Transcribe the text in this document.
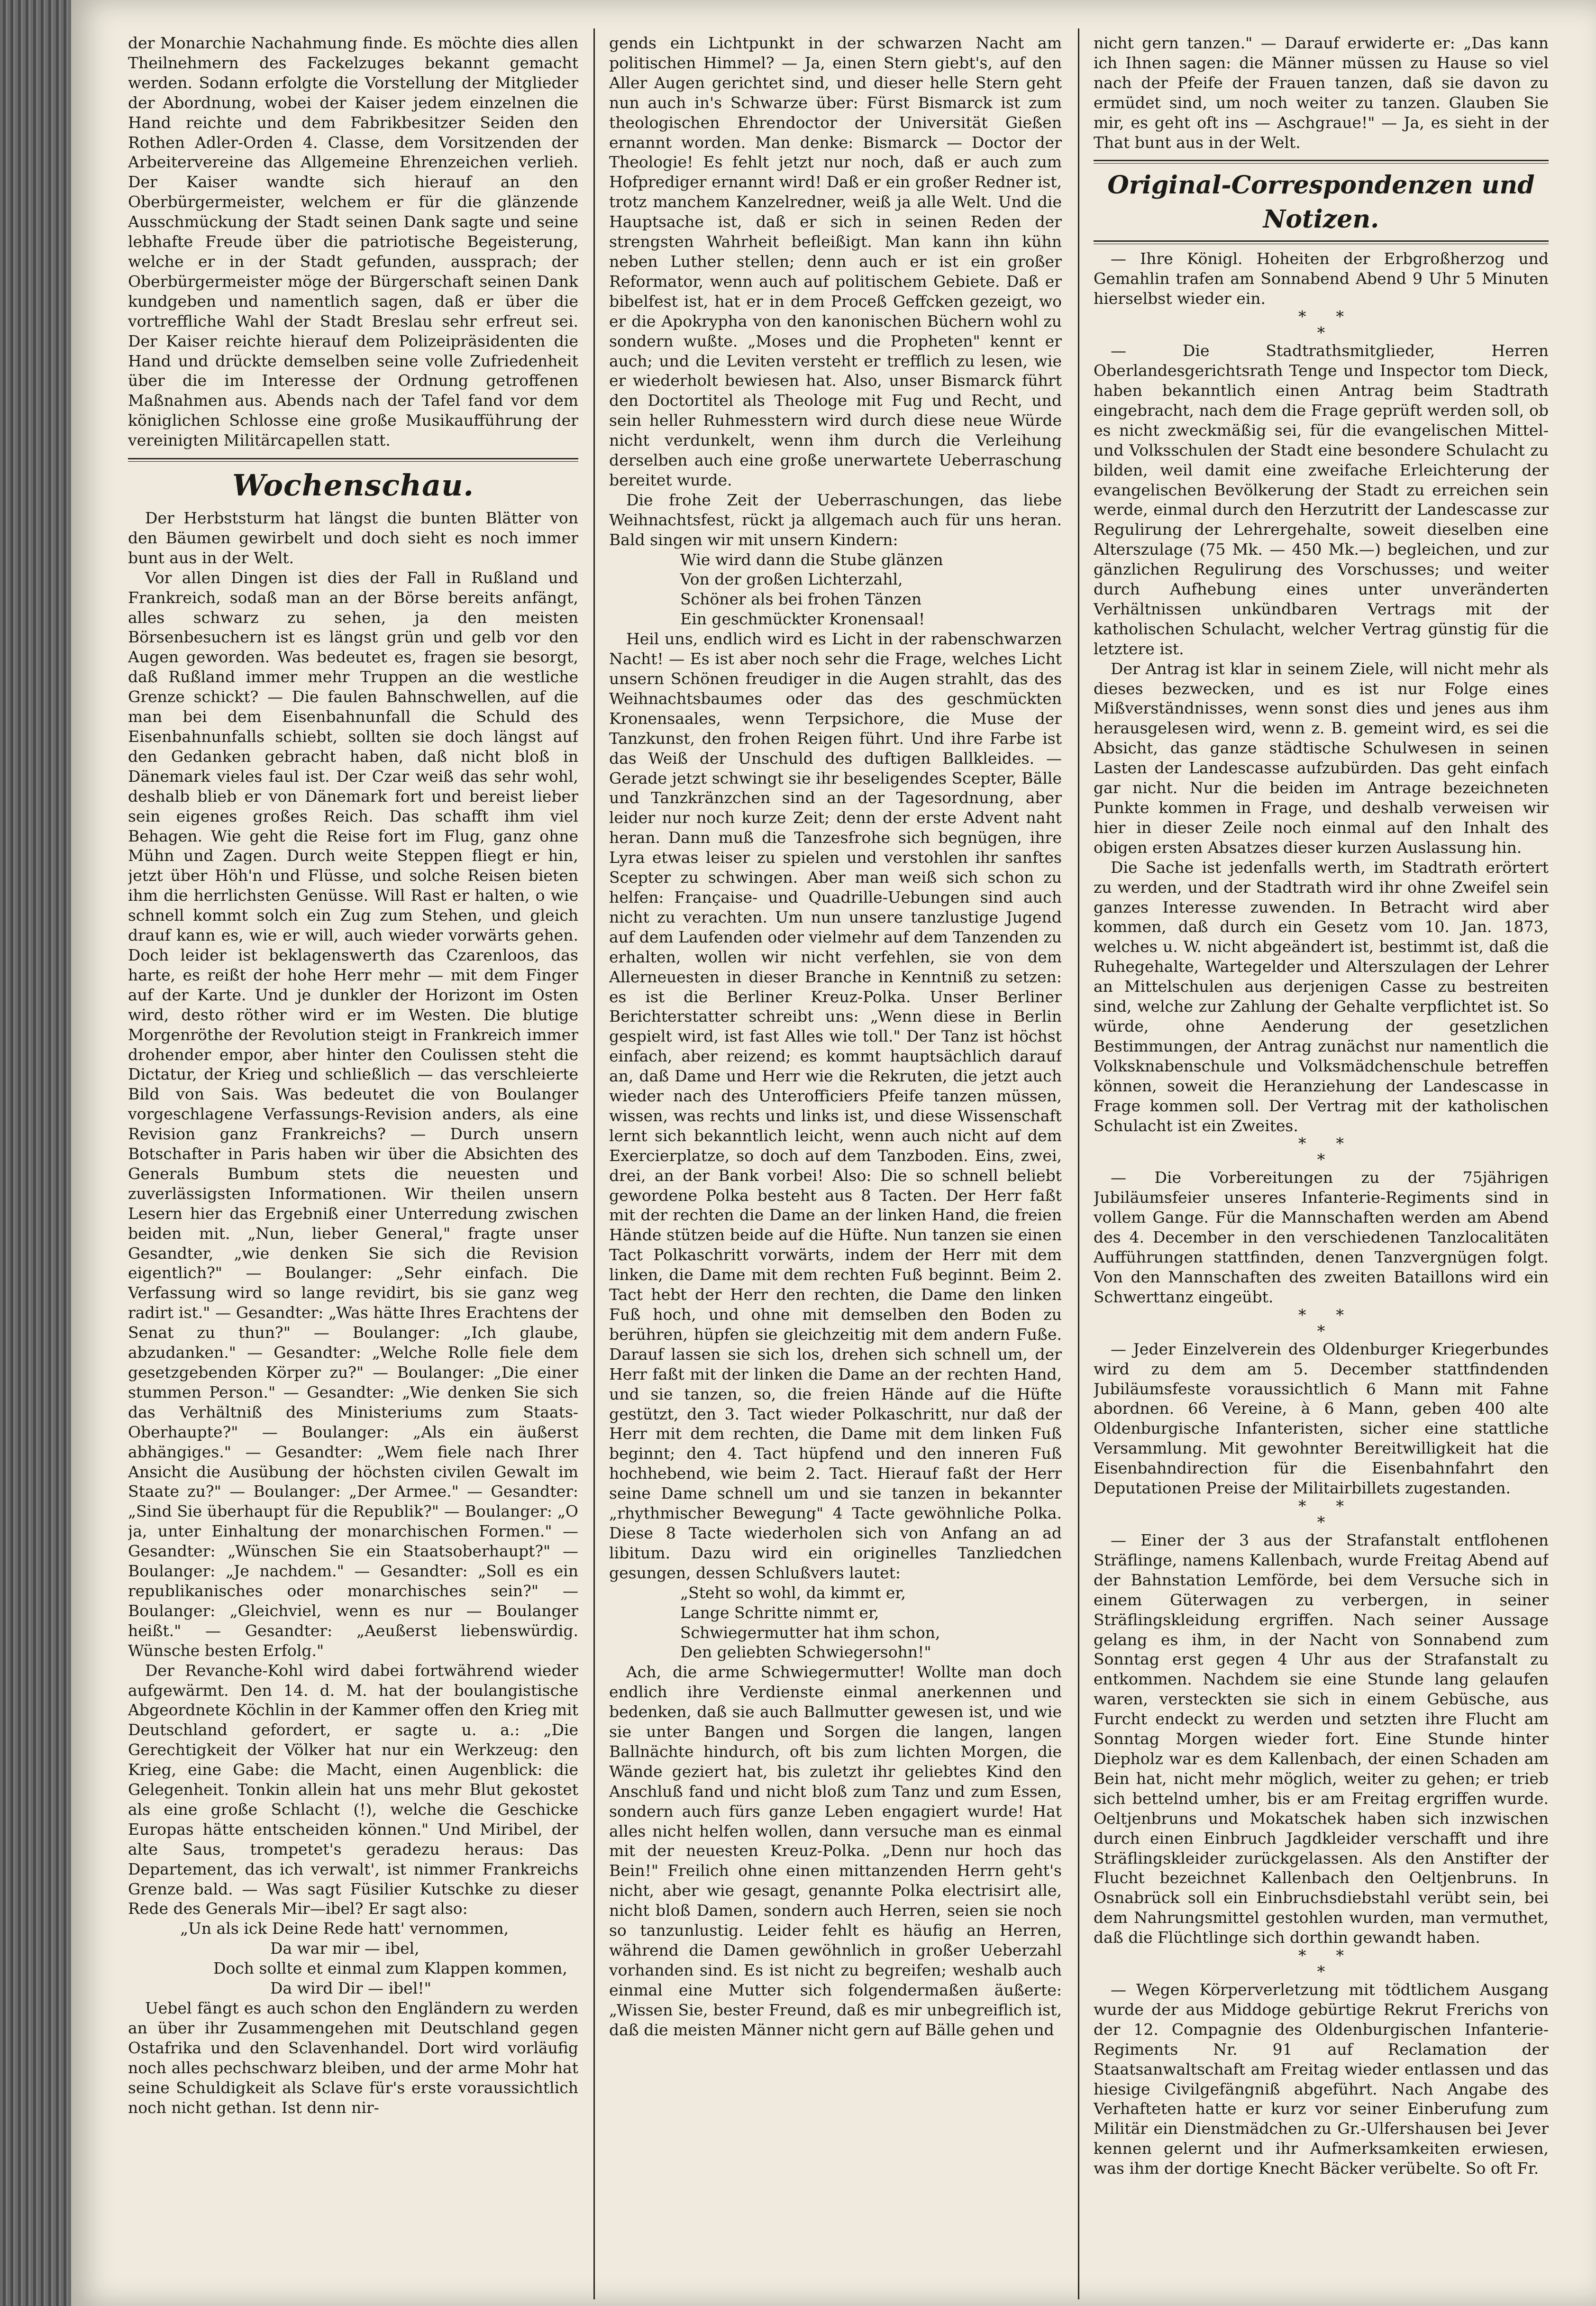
der Monarchie Nachahmung finde. Es möchte dies allen Theilnehmern des Fackelzuges bekannt gemacht werden. Sodann erfolgte die Vorstellung der Mitglieder der Abordnung, wobei der Kaiser jedem einzelnen die Hand reichte und dem Fabrikbesitzer Seiden den Rothen Adler-Orden 4. Classe, dem Vorsitzenden der Arbeitervereine das Allgemeine Ehrenzeichen verlieh. Der Kaiser wandte sich hierauf an den Oberbürgermeister, welchem er für die glänzende Ausschmückung der Stadt seinen Dank sagte und seine lebhafte Freude über die patriotische Begeisterung, welche er in der Stadt gefunden, aussprach; der Oberbürgermeister möge der Bürgerschaft seinen Dank kundgeben und namentlich sagen, daß er über die vortreffliche Wahl der Stadt Breslau sehr erfreut sei. Der Kaiser reichte hierauf dem Polizeipräsidenten die Hand und drückte demselben seine volle Zufriedenheit über die im Interesse der Ordnung getroffenen Maßnahmen aus. Abends nach der Tafel fand vor dem königlichen Schlosse eine große Musikaufführung der vereinigten Militärcapellen statt.

Wochenschau.

Der Herbststurm hat längst die bunten Blätter von den Bäumen gewirbelt und doch sieht es noch immer bunt aus in der Welt.

Vor allen Dingen ist dies der Fall in Rußland und Frankreich, sodaß man an der Börse bereits anfängt, alles schwarz zu sehen, ja den meisten Börsenbesuchern ist es längst grün und gelb vor den Augen geworden. Was bedeutet es, fragen sie besorgt, daß Rußland immer mehr Truppen an die westliche Grenze schickt? — Die faulen Bahnschwellen, auf die man bei dem Eisenbahnunfall die Schuld des Eisenbahnunfalls schiebt, sollten sie doch längst auf den Gedanken gebracht haben, daß nicht bloß in Dänemark vieles faul ist. Der Czar weiß das sehr wohl, deshalb blieb er von Dänemark fort und bereist lieber sein eigenes großes Reich. Das schafft ihm viel Behagen. Wie geht die Reise fort im Flug, ganz ohne Mühn und Zagen. Durch weite Steppen fliegt er hin, jetzt über Höh'n und Flüsse, und solche Reisen bieten ihm die herrlichsten Genüsse. Will Rast er halten, o wie schnell kommt solch ein Zug zum Stehen, und gleich drauf kann es, wie er will, auch wieder vorwärts gehen. Doch leider ist beklagenswerth das Czarenloos, das harte, es reißt der hohe Herr mehr — mit dem Finger auf der Karte. Und je dunkler der Horizont im Osten wird, desto röther wird er im Westen. Die blutige Morgenröthe der Revolution steigt in Frankreich immer drohender empor, aber hinter den Coulissen steht die Dictatur, der Krieg und schließlich — das verschleierte Bild von Sais. Was bedeutet die von Boulanger vorgeschlagene Verfassungs-Revision anders, als eine Revision ganz Frankreichs? — Durch unsern Botschafter in Paris haben wir über die Absichten des Generals Bumbum stets die neuesten und zuverlässigsten Informationen. Wir theilen unsern Lesern hier das Ergebniß einer Unterredung zwischen beiden mit. „Nun, lieber General," fragte unser Gesandter, „wie denken Sie sich die Revision eigentlich?" — Boulanger: „Sehr einfach. Die Verfassung wird so lange revidirt, bis sie ganz weg radirt ist." — Gesandter: „Was hätte Ihres Erachtens der Senat zu thun?" — Boulanger: „Ich glaube, abzudanken." — Gesandter: „Welche Rolle fiele dem gesetzgebenden Körper zu?" — Boulanger: „Die einer stummen Person." — Gesandter: „Wie denken Sie sich das Verhältniß des Ministeriums zum Staats-Oberhaupte?" — Boulanger: „Als ein äußerst abhängiges." — Gesandter: „Wem fiele nach Ihrer Ansicht die Ausübung der höchsten civilen Gewalt im Staate zu?" — Boulanger: „Der Armee." — Gesandter: „Sind Sie überhaupt für die Republik?" — Boulanger: „O ja, unter Einhaltung der monarchischen Formen." — Gesandter: „Wünschen Sie ein Staatsoberhaupt?" — Boulanger: „Je nachdem." — Gesandter: „Soll es ein republikanisches oder monarchisches sein?" — Boulanger: „Gleichviel, wenn es nur — Boulanger heißt." — Gesandter: „Aeußerst liebenswürdig. Wünsche besten Erfolg."

Der Revanche-Kohl wird dabei fortwährend wieder aufgewärmt. Den 14. d. M. hat der boulangistische Abgeordnete Köchlin in der Kammer offen den Krieg mit Deutschland gefordert, er sagte u. a.: „Die Gerechtigkeit der Völker hat nur ein Werkzeug: den Krieg, eine Gabe: die Macht, einen Augenblick: die Gelegenheit. Tonkin allein hat uns mehr Blut gekostet als eine große Schlacht (!), welche die Geschicke Europas hätte entscheiden können." Und Miribel, der alte Saus, trompetet's geradezu heraus: Das Departement, das ich verwalt', ist nimmer Frankreichs Grenze bald. — Was sagt Füsilier Kutschke zu dieser Rede des Generals Mir—ibel? Er sagt also:

„Un als ick Deine Rede hatt' vernommen,
Da war mir — ibel,
Doch sollte et einmal zum Klappen kommen,
Da wird Dir — ibel!"

Uebel fängt es auch schon den Engländern zu werden an über ihr Zusammengehen mit Deutschland gegen Ostafrika und den Sclavenhandel. Dort wird vorläufig noch alles pechschwarz bleiben, und der arme Mohr hat seine Schuldigkeit als Sclave für's erste voraussichtlich noch nicht gethan. Ist denn nir-

gends ein Lichtpunkt in der schwarzen Nacht am politischen Himmel? — Ja, einen Stern giebt's, auf den Aller Augen gerichtet sind, und dieser helle Stern geht nun auch in's Schwarze über: Fürst Bismarck ist zum theologischen Ehrendoctor der Universität Gießen ernannt worden. Man denke: Bismarck — Doctor der Theologie! Es fehlt jetzt nur noch, daß er auch zum Hofprediger ernannt wird! Daß er ein großer Redner ist, trotz manchem Kanzelredner, weiß ja alle Welt. Und die Hauptsache ist, daß er sich in seinen Reden der strengsten Wahrheit befleißigt. Man kann ihn kühn neben Luther stellen; denn auch er ist ein großer Reformator, wenn auch auf politischem Gebiete. Daß er bibelfest ist, hat er in dem Proceß Geffcken gezeigt, wo er die Apokrypha von den kanonischen Büchern wohl zu sondern wußte. „Moses und die Propheten" kennt er auch; und die Leviten versteht er trefflich zu lesen, wie er wiederholt bewiesen hat. Also, unser Bismarck führt den Doctortitel als Theologe mit Fug und Recht, und sein heller Ruhmesstern wird durch diese neue Würde nicht verdunkelt, wenn ihm durch die Verleihung derselben auch eine große unerwartete Ueberraschung bereitet wurde.

Die frohe Zeit der Ueberraschungen, das liebe Weihnachtsfest, rückt ja allgemach auch für uns heran. Bald singen wir mit unsern Kindern:

Wie wird dann die Stube glänzen
Von der großen Lichterzahl,
Schöner als bei frohen Tänzen
Ein geschmückter Kronensaal!

Heil uns, endlich wird es Licht in der rabenschwarzen Nacht! — Es ist aber noch sehr die Frage, welches Licht unsern Schönen freudiger in die Augen strahlt, das des Weihnachtsbaumes oder das des geschmückten Kronensaales, wenn Terpsichore, die Muse der Tanzkunst, den frohen Reigen führt. Und ihre Farbe ist das Weiß der Unschuld des duftigen Ballkleides. — Gerade jetzt schwingt sie ihr beseligendes Scepter, Bälle und Tanzkränzchen sind an der Tagesordnung, aber leider nur noch kurze Zeit; denn der erste Advent naht heran. Dann muß die Tanzesfrohe sich begnügen, ihre Lyra etwas leiser zu spielen und verstohlen ihr sanftes Scepter zu schwingen. Aber man weiß sich schon zu helfen: Française- und Quadrille-Uebungen sind auch nicht zu verachten. Um nun unsere tanzlustige Jugend auf dem Laufenden oder vielmehr auf dem Tanzenden zu erhalten, wollen wir nicht verfehlen, sie von dem Allerneuesten in dieser Branche in Kenntniß zu setzen: es ist die Berliner Kreuz-Polka. Unser Berliner Berichterstatter schreibt uns: „Wenn diese in Berlin gespielt wird, ist fast Alles wie toll." Der Tanz ist höchst einfach, aber reizend; es kommt hauptsächlich darauf an, daß Dame und Herr wie die Rekruten, die jetzt auch wieder nach des Unterofficiers Pfeife tanzen müssen, wissen, was rechts und links ist, und diese Wissenschaft lernt sich bekanntlich leicht, wenn auch nicht auf dem Exercierplatze, so doch auf dem Tanzboden. Eins, zwei, drei, an der Bank vorbei! Also: Die so schnell beliebt gewordene Polka besteht aus 8 Tacten. Der Herr faßt mit der rechten die Dame an der linken Hand, die freien Hände stützen beide auf die Hüfte. Nun tanzen sie einen Tact Polkaschritt vorwärts, indem der Herr mit dem linken, die Dame mit dem rechten Fuß beginnt. Beim 2. Tact hebt der Herr den rechten, die Dame den linken Fuß hoch, und ohne mit demselben den Boden zu berühren, hüpfen sie gleichzeitig mit dem andern Fuße. Darauf lassen sie sich los, drehen sich schnell um, der Herr faßt mit der linken die Dame an der rechten Hand, und sie tanzen, so, die freien Hände auf die Hüfte gestützt, den 3. Tact wieder Polkaschritt, nur daß der Herr mit dem rechten, die Dame mit dem linken Fuß beginnt; den 4. Tact hüpfend und den inneren Fuß hochhebend, wie beim 2. Tact. Hierauf faßt der Herr seine Dame schnell um und sie tanzen in bekannter „rhythmischer Bewegung" 4 Tacte gewöhnliche Polka. Diese 8 Tacte wiederholen sich von Anfang an ad libitum. Dazu wird ein originelles Tanzliedchen gesungen, dessen Schlußvers lautet:

„Steht so wohl, da kimmt er,
Lange Schritte nimmt er,
Schwiegermutter hat ihm schon,
Den geliebten Schwiegersohn!"

Ach, die arme Schwiegermutter! Wollte man doch endlich ihre Verdienste einmal anerkennen und bedenken, daß sie auch Ballmutter gewesen ist, und wie sie unter Bangen und Sorgen die langen, langen Ballnächte hindurch, oft bis zum lichten Morgen, die Wände geziert hat, bis zuletzt ihr geliebtes Kind den Anschluß fand und nicht bloß zum Tanz und zum Essen, sondern auch fürs ganze Leben engagiert wurde! Hat alles nicht helfen wollen, dann versuche man es einmal mit der neuesten Kreuz-Polka. „Denn nur hoch das Bein!" Freilich ohne einen mittanzenden Herrn geht's nicht, aber wie gesagt, genannte Polka electrisirt alle, nicht bloß Damen, sondern auch Herren, seien sie noch so tanzunlustig. Leider fehlt es häufig an Herren, während die Damen gewöhnlich in großer Ueberzahl vorhanden sind. Es ist nicht zu begreifen; weshalb auch einmal eine Mutter sich folgendermaßen äußerte: „Wissen Sie, bester Freund, daß es mir unbegreiflich ist, daß die meisten Männer nicht gern auf Bälle gehen und

nicht gern tanzen." — Darauf erwiderte er: „Das kann ich Ihnen sagen: die Männer müssen zu Hause so viel nach der Pfeife der Frauen tanzen, daß sie davon zu ermüdet sind, um noch weiter zu tanzen. Glauben Sie mir, es geht oft ins — Aschgraue!" — Ja, es sieht in der That bunt aus in der Welt.

Original-Correspondenzen und Notizen.

— Ihre Königl. Hoheiten der Erbgroßherzog und Gemahlin trafen am Sonnabend Abend 9 Uhr 5 Minuten hierselbst wieder ein.

*      *
*

— Die Stadtrathsmitglieder, Herren Oberlandesgerichtsrath Tenge und Inspector tom Dieck, haben bekanntlich einen Antrag beim Stadtrath eingebracht, nach dem die Frage geprüft werden soll, ob es nicht zweckmäßig sei, für die evangelischen Mittel- und Volksschulen der Stadt eine besondere Schulacht zu bilden, weil damit eine zweifache Erleichterung der evangelischen Bevölkerung der Stadt zu erreichen sein werde, einmal durch den Herzutritt der Landescasse zur Regulirung der Lehrergehalte, soweit dieselben eine Alterszulage (75 Mk. — 450 Mk.—) begleichen, und zur gänzlichen Regulirung des Vorschusses; und weiter durch Aufhebung eines unter unveränderten Verhältnissen unkündbaren Vertrags mit der katholischen Schulacht, welcher Vertrag günstig für die letztere ist.

Der Antrag ist klar in seinem Ziele, will nicht mehr als dieses bezwecken, und es ist nur Folge eines Mißverständnisses, wenn sonst dies und jenes aus ihm herausgelesen wird, wenn z. B. gemeint wird, es sei die Absicht, das ganze städtische Schulwesen in seinen Lasten der Landescasse aufzubürden. Das geht einfach gar nicht. Nur die beiden im Antrage bezeichneten Punkte kommen in Frage, und deshalb verweisen wir hier in dieser Zeile noch einmal auf den Inhalt des obigen ersten Absatzes dieser kurzen Auslassung hin.

Die Sache ist jedenfalls werth, im Stadtrath erörtert zu werden, und der Stadtrath wird ihr ohne Zweifel sein ganzes Interesse zuwenden. In Betracht wird aber kommen, daß durch ein Gesetz vom 10. Jan. 1873, welches u. W. nicht abgeändert ist, bestimmt ist, daß die Ruhegehalte, Wartegelder und Alterszulagen der Lehrer an Mittelschulen aus derjenigen Casse zu bestreiten sind, welche zur Zahlung der Gehalte verpflichtet ist. So würde, ohne Aenderung der gesetzlichen Bestimmungen, der Antrag zunächst nur namentlich die Volksknabenschule und Volksmädchenschule betreffen können, soweit die Heranziehung der Landescasse in Frage kommen soll. Der Vertrag mit der katholischen Schulacht ist ein Zweites.

*      *
*

— Die Vorbereitungen zu der 75jährigen Jubiläumsfeier unseres Infanterie-Regiments sind in vollem Gange. Für die Mannschaften werden am Abend des 4. December in den verschiedenen Tanzlocalitäten Aufführungen stattfinden, denen Tanzvergnügen folgt. Von den Mannschaften des zweiten Bataillons wird ein Schwerttanz eingeübt.

*      *
*

— Jeder Einzelverein des Oldenburger Kriegerbundes wird zu dem am 5. December stattfindenden Jubiläumsfeste voraussichtlich 6 Mann mit Fahne abordnen. 66 Vereine, à 6 Mann, geben 400 alte Oldenburgische Infanteristen, sicher eine stattliche Versammlung. Mit gewohnter Bereitwilligkeit hat die Eisenbahndirection für die Eisenbahnfahrt den Deputationen Preise der Militairbillets zugestanden.

*      *
*

— Einer der 3 aus der Strafanstalt entflohenen Sträflinge, namens Kallenbach, wurde Freitag Abend auf der Bahnstation Lemförde, bei dem Versuche sich in einem Güterwagen zu verbergen, in seiner Sträflingskleidung ergriffen. Nach seiner Aussage gelang es ihm, in der Nacht von Sonnabend zum Sonntag erst gegen 4 Uhr aus der Strafanstalt zu entkommen. Nachdem sie eine Stunde lang gelaufen waren, versteckten sie sich in einem Gebüsche, aus Furcht endeckt zu werden und setzten ihre Flucht am Sonntag Morgen wieder fort. Eine Stunde hinter Diepholz war es dem Kallenbach, der einen Schaden am Bein hat, nicht mehr möglich, weiter zu gehen; er trieb sich bettelnd umher, bis er am Freitag ergriffen wurde. Oeltjenbruns und Mokatschek haben sich inzwischen durch einen Einbruch Jagdkleider verschafft und ihre Sträflingskleider zurückgelassen. Als den Anstifter der Flucht bezeichnet Kallenbach den Oeltjenbruns. In Osnabrück soll ein Einbruchsdiebstahl verübt sein, bei dem Nahrungsmittel gestohlen wurden, man vermuthet, daß die Flüchtlinge sich dorthin gewandt haben.

*      *
*

— Wegen Körperverletzung mit tödtlichem Ausgang wurde der aus Middoge gebürtige Rekrut Frerichs von der 12. Compagnie des Oldenburgischen Infanterie-Regiments Nr. 91 auf Reclamation der Staatsanwaltschaft am Freitag wieder entlassen und das hiesige Civilgefängniß abgeführt. Nach Angabe des Verhafteten hatte er kurz vor seiner Einberufung zum Militär ein Dienstmädchen zu Gr.-Ulfershausen bei Jever kennen gelernt und ihr Aufmerksamkeiten erwiesen, was ihm der dortige Knecht Bäcker verübelte. So oft Fr.
